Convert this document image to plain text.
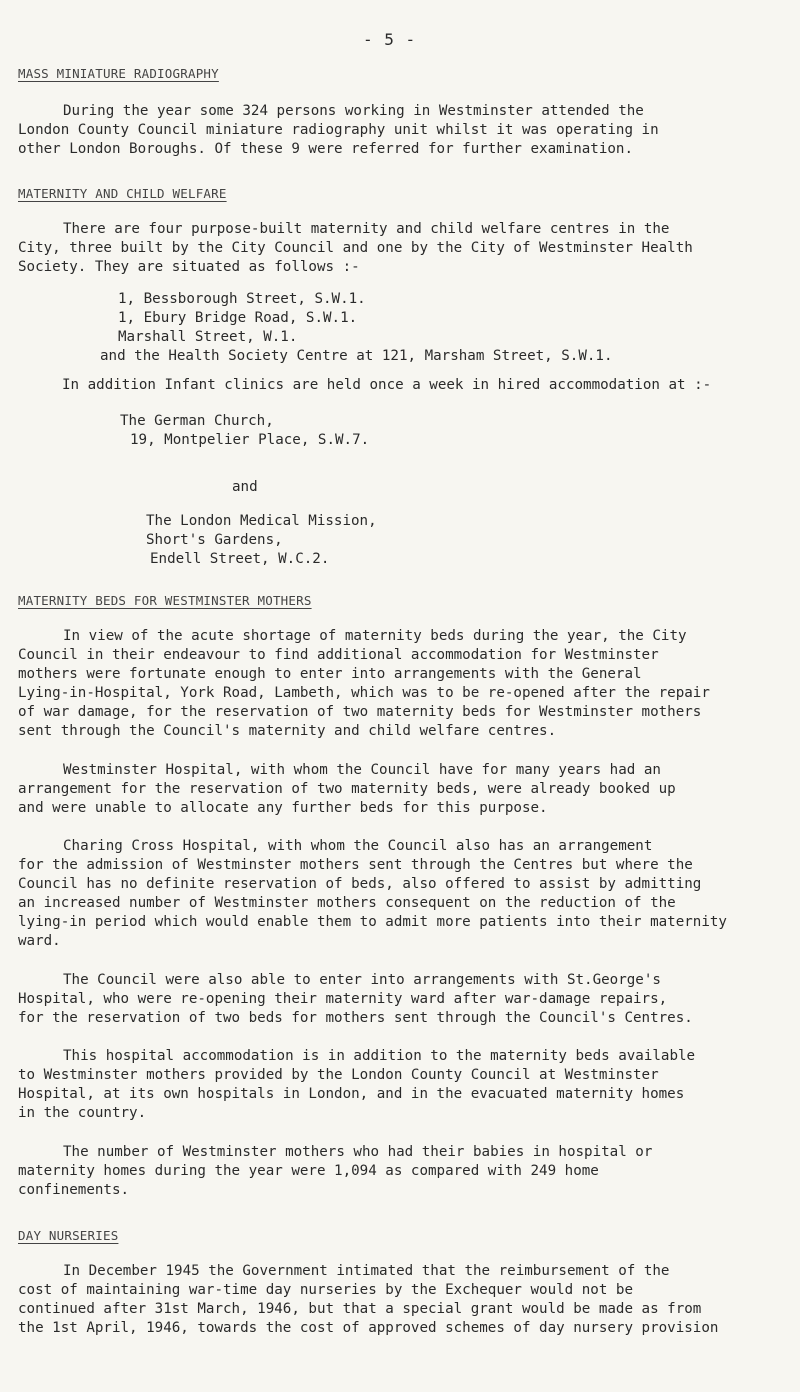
- 5 -
MASS MINIATURE RADIOGRAPHY
During the year some 324 persons working in Westminster attended the
London County Council miniature radiography unit whilst it was operating in
other London Boroughs. Of these 9 were referred for further examination.
MATERNITY AND CHILD WELFARE
There are four purpose-built maternity and child welfare centres in the
City, three built by the City Council and one by the City of Westminster Health
Society. They are situated as follows :-
1, Bessborough Street, S.W.1.
1, Ebury Bridge Road, S.W.1.
Marshall Street, W.1.
and the Health Society Centre at 121, Marsham Street, S.W.1.
In addition Infant clinics are held once a week in hired accommodation at :-
The German Church,
19, Montpelier Place, S.W.7.
and
The London Medical Mission,
Short's Gardens,
Endell Street, W.C.2.
MATERNITY BEDS FOR WESTMINSTER MOTHERS
In view of the acute shortage of maternity beds during the year, the City
Council in their endeavour to find additional accommodation for Westminster
mothers were fortunate enough to enter into arrangements with the General
Lying-in-Hospital, York Road, Lambeth, which was to be re-opened after the repair
of war damage, for the reservation of two maternity beds for Westminster mothers
sent through the Council's maternity and child welfare centres.
Westminster Hospital, with whom the Council have for many years had an
arrangement for the reservation of two maternity beds, were already booked up
and were unable to allocate any further beds for this purpose.
Charing Cross Hospital, with whom the Council also has an arrangement
for the admission of Westminster mothers sent through the Centres but where the
Council has no definite reservation of beds, also offered to assist by admitting
an increased number of Westminster mothers consequent on the reduction of the
lying-in period which would enable them to admit more patients into their maternity
ward.
The Council were also able to enter into arrangements with St.George's
Hospital, who were re-opening their maternity ward after war-damage repairs,
for the reservation of two beds for mothers sent through the Council's Centres.
This hospital accommodation is in addition to the maternity beds available
to Westminster mothers provided by the London County Council at Westminster
Hospital, at its own hospitals in London, and in the evacuated maternity homes
in the country.
The number of Westminster mothers who had their babies in hospital or
maternity homes during the year were 1,094 as compared with 249 home
confinements.
DAY NURSERIES
In December 1945 the Government intimated that the reimbursement of the
cost of maintaining war-time day nurseries by the Exchequer would not be
continued after 31st March, 1946, but that a special grant would be made as from
the 1st April, 1946, towards the cost of approved schemes of day nursery provision
